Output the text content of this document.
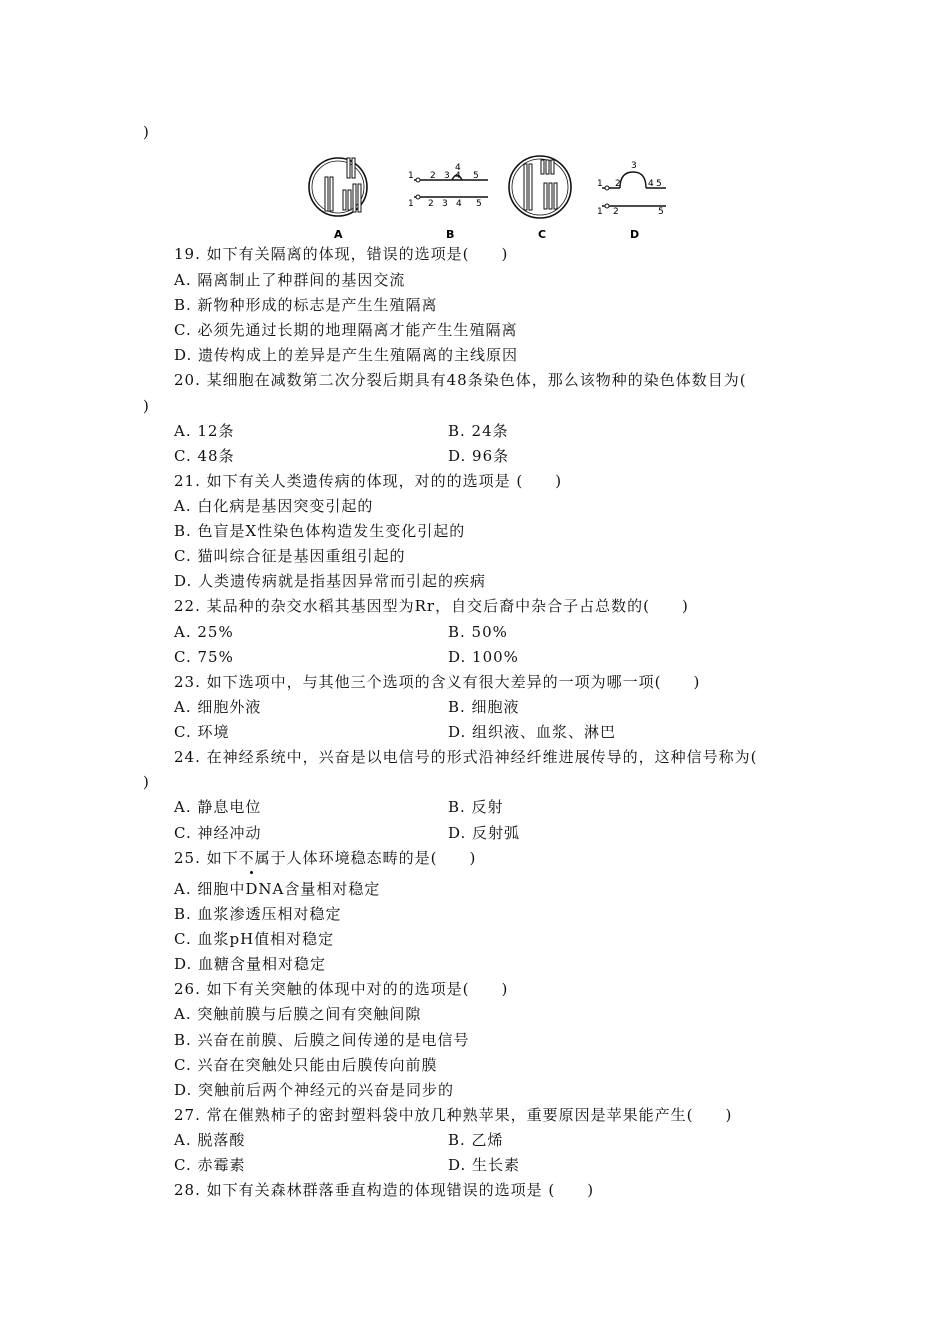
)
1 2 3
4
4 5
1 2 3 4 5
1 2
3
4 5
1 2	5
A	B	C	D
19. 如下有关隔离的体现，错误的选项是(　　)
A. 隔离制止了种群间的基因交流
B. 新物种形成的标志是产生生殖隔离
C. 必须先通过长期的地理隔离才能产生生殖隔离
D. 遗传构成上的差异是产生生殖隔离的主线原因
20. 某细胞在减数第二次分裂后期具有48条染色体，那么该物种的染色体数目为(
)
A. 12条	B. 24条
C. 48条	D. 96条
21. 如下有关人类遗传病的体现，对的的选项是 (　　)
A. 白化病是基因突变引起的
B. 色盲是X性染色体构造发生变化引起的
C. 猫叫综合征是基因重组引起的
D. 人类遗传病就是指基因异常而引起的疾病
22. 某品种的杂交水稻其基因型为Rr，自交后裔中杂合子占总数的(　　)
A. 25%	B. 50%
C. 75%	D. 100%
23. 如下选项中，与其他三个选项的含义有很大差异的一项为哪一项(　　)
A. 细胞外液	B. 细胞液
C. 环境	D. 组织液、血浆、淋巴
24. 在神经系统中，兴奋是以电信号的形式沿神经纤维进展传导的，这种信号称为(
)
A. 静息电位	B. 反射
C. 神经冲动	D. 反射弧
25. 如下不属于人体环境稳态畴的是(　　)
A. 细胞中DNA含量相对稳定
B. 血浆渗透压相对稳定
C. 血浆pH值相对稳定
D. 血糖含量相对稳定
26. 如下有关突触的体现中对的的选项是(　　)
A. 突触前膜与后膜之间有突触间隙
B. 兴奋在前膜、后膜之间传递的是电信号
C. 兴奋在突触处只能由后膜传向前膜
D. 突触前后两个神经元的兴奋是同步的
27. 常在催熟柿子的密封塑料袋中放几种熟苹果，重要原因是苹果能产生(　　)
A. 脱落酸	B. 乙烯
C. 赤霉素	D. 生长素
28. 如下有关森林群落垂直构造的体现错误的选项是 (　　)
